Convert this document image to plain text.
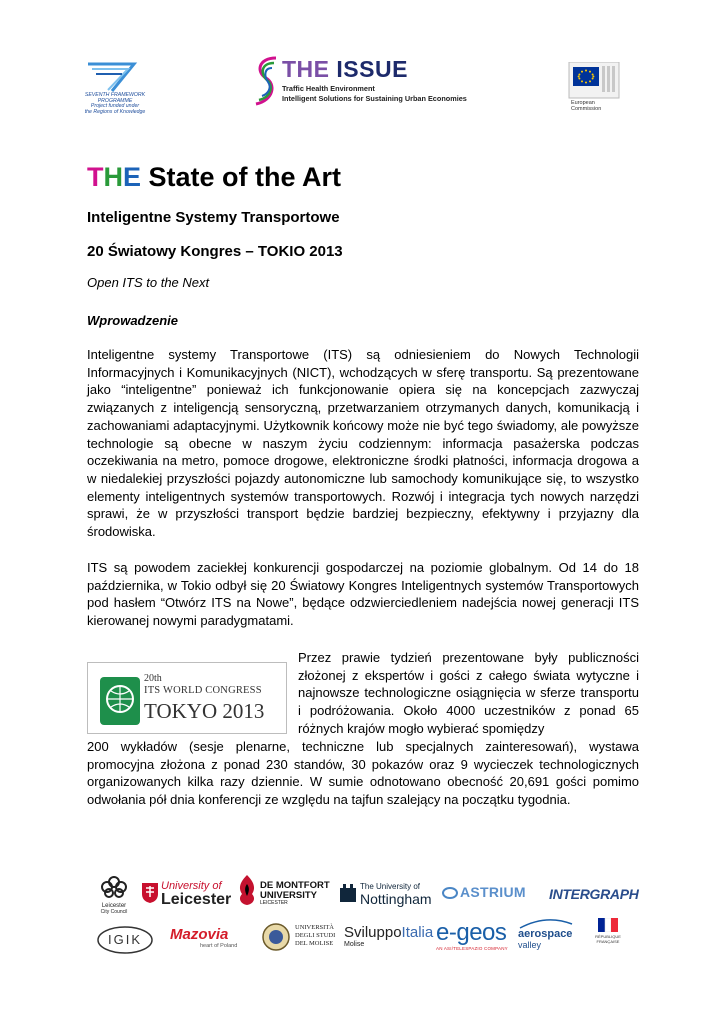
SEVENTH FRAMEWORK
PROGRAMME
Project funded under
the Regions of Knowledge
THE ISSUE
Traffic Health Environment
Intelligent Solutions for Sustaining Urban Economies	European
Commission
THE State of the Art
Inteligentne Systemy Transportowe
20 Światowy Kongres – TOKIO 2013
Open ITS to the Next
Wprowadzenie

Inteligentne systemy Transportowe (ITS) są odniesieniem do Nowych Technologii Informacyjnych i Komunikacyjnych (NICT), wchodzących w sferę transportu. Są prezentowane jako “inteligentne” ponieważ ich funkcjonowanie opiera się na koncepcjach zazwyczaj związanych z inteligencją sensoryczną, przetwarzaniem otrzymanych danych, komunikacją i zachowaniami adaptacyjnymi. Użytkownik końcowy może nie być tego świadomy, ale powyższe technologie są obecne w naszym życiu codziennym: informacja pasażerska podczas oczekiwania na metro, pomoce drogowe, elektroniczne środki płatności, informacja drogowa a w niedalekiej przyszłości pojazdy autonomiczne lub samochody komunikujące się, to wszystko elementy inteligentnych systemów transportowych. Rozwój i integracja tych nowych narzędzi sprawi, że w przyszłości transport będzie bardziej bezpieczny, efektywny i przyjazny dla środowiska.

ITS są powodem zaciekłej konkurencji gospodarczej na poziomie globalnym. Od 14 do 18 października, w Tokio odbył się 20 Światowy Kongres Inteligentnych systemów Transportowych pod hasłem “Otwórz ITS na Nowe”, będące odzwierciedleniem nadejścia nowej generacji ITS kierowanej nowymi paradygmatami.

20th
ITS WORLD CONGRESS
TOKYO 2013

Przez prawie tydzień prezentowane były publiczności złożonej z ekspertów i gości z całego świata wytyczne i najnowsze technologiczne osiągnięcia w sferze transportu i podróżowania. Około 4000 uczestników z ponad 65 różnych krajów mogło wybierać spomiędzy

200 wykładów (sesje plenarne, techniczne lub specjalnych zainteresowań), wystawa promocyjna złożona z ponad 230 standów, 30 pokazów oraz 9 wycieczek technologicznych organizowanych kilka razy dziennie. W sumie odnotowano obecność 20,691 gości pomimo odwołania pół dnia konferencji ze względu na tajfun szalejący na początku tygodnia.

Leicester
City Council
University of
Leicester
DE MONTFORT
UNIVERSITY
LEICESTER
The University of
Nottingham ASTRIUM INTERGRAPH
IGIK	Mazovia
heart of Poland
UNIVERSITÀ
DEGLI STUDI
DEL MOLISE
SviluppoItalia
Molise	e-geos
AN ASI/TELESPAZIO COMPANY
aerospace
valley
RÉPUBLIQUE FRANÇAISE
